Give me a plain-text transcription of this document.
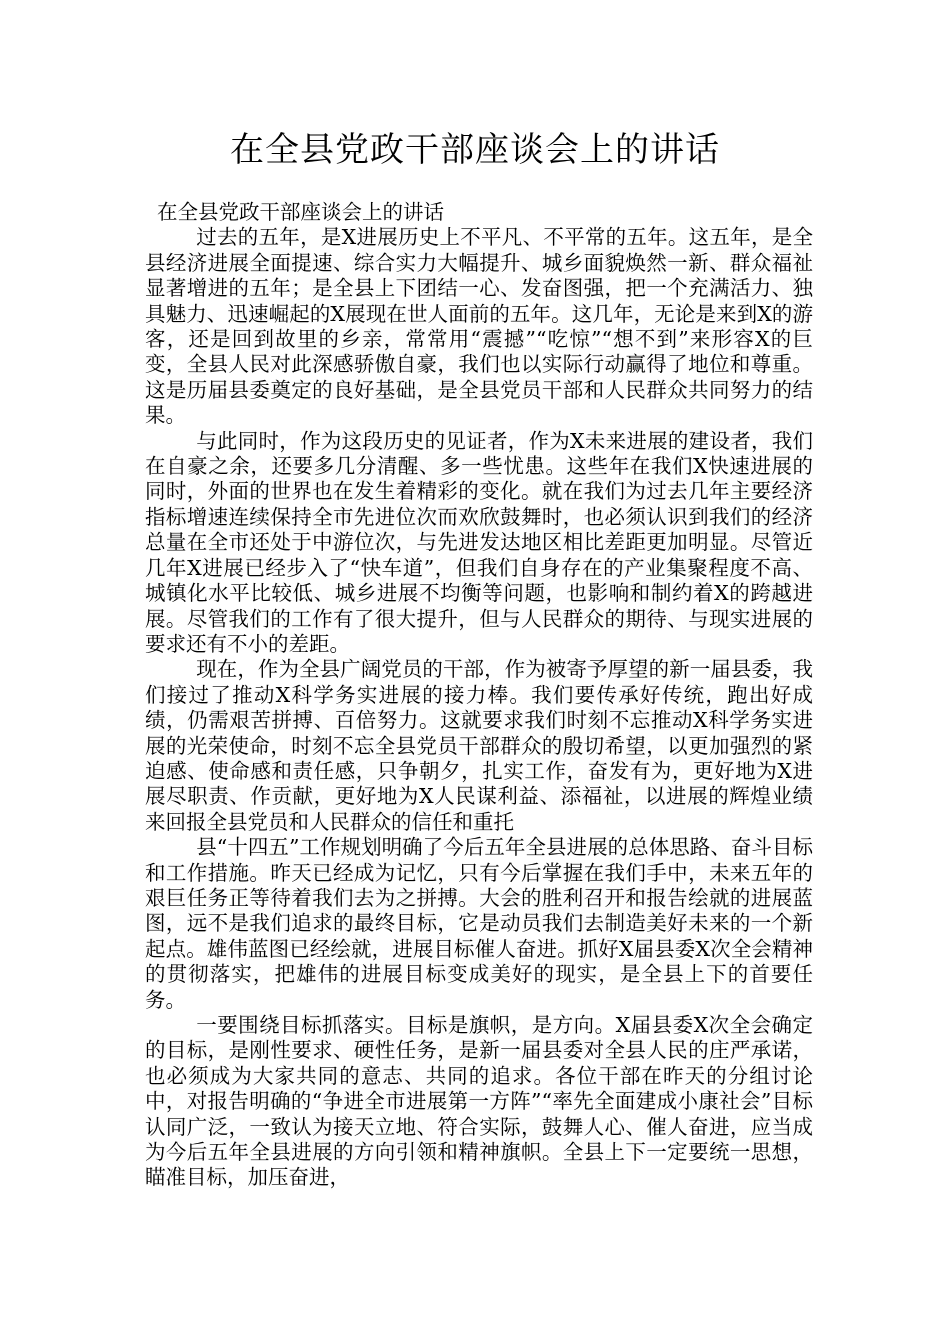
在全县党政干部座谈会上的讲话

在全县党政干部座谈会上的讲话

过去的五年，是X进展历史上不平凡、不平常的五年。这五年，是全县经济进展全面提速、综合实力大幅提升、城乡面貌焕然一新、群众福祉显著增进的五年；是全县上下团结一心、发奋图强，把一个充满活力、独具魅力、迅速崛起的X展现在世人面前的五年。这几年，无论是来到X的游客，还是回到故里的乡亲，常常用“震撼”“吃惊”“想不到”来形容X的巨变，全县人民对此深感骄傲自豪，我们也以实际行动赢得了地位和尊重。这是历届县委奠定的良好基础，是全县党员干部和人民群众共同努力的结果。

与此同时，作为这段历史的见证者，作为X未来进展的建设者，我们在自豪之余，还要多几分清醒、多一些忧患。这些年在我们X快速进展的同时，外面的世界也在发生着精彩的变化。就在我们为过去几年主要经济指标增速连续保持全市先进位次而欢欣鼓舞时，也必须认识到我们的经济总量在全市还处于中游位次，与先进发达地区相比差距更加明显。尽管近几年X进展已经步入了“快车道”，但我们自身存在的产业集聚程度不高、城镇化水平比较低、城乡进展不均衡等问题，也影响和制约着X的跨越进展。尽管我们的工作有了很大提升，但与人民群众的期待、与现实进展的要求还有不小的差距。

现在，作为全县广阔党员的干部，作为被寄予厚望的新一届县委，我们接过了推动X科学务实进展的接力棒。我们要传承好传统，跑出好成绩，仍需艰苦拼搏、百倍努力。这就要求我们时刻不忘推动X科学务实进展的光荣使命，时刻不忘全县党员干部群众的殷切希望，以更加强烈的紧迫感、使命感和责任感，只争朝夕，扎实工作，奋发有为，更好地为X进展尽职责、作贡献，更好地为X人民谋利益、添福祉，以进展的辉煌业绩来回报全县党员和人民群众的信任和重托

县“十四五”工作规划明确了今后五年全县进展的总体思路、奋斗目标和工作措施。昨天已经成为记忆，只有今后掌握在我们手中，未来五年的艰巨任务正等待着我们去为之拼搏。大会的胜利召开和报告绘就的进展蓝图，远不是我们追求的最终目标，它是动员我们去制造美好未来的一个新起点。雄伟蓝图已经绘就，进展目标催人奋进。抓好X届县委X次全会精神的贯彻落实，把雄伟的进展目标变成美好的现实，是全县上下的首要任务。

一要围绕目标抓落实。目标是旗帜，是方向。X届县委X次全会确定的目标，是刚性要求、硬性任务，是新一届县委对全县人民的庄严承诺，也必须成为大家共同的意志、共同的追求。各位干部在昨天的分组讨论中，对报告明确的“争进全市进展第一方阵”“率先全面建成小康社会”目标认同广泛，一致认为接天立地、符合实际，鼓舞人心、催人奋进，应当成为今后五年全县进展的方向引领和精神旗帜。全县上下一定要统一思想，瞄准目标，加压奋进，
